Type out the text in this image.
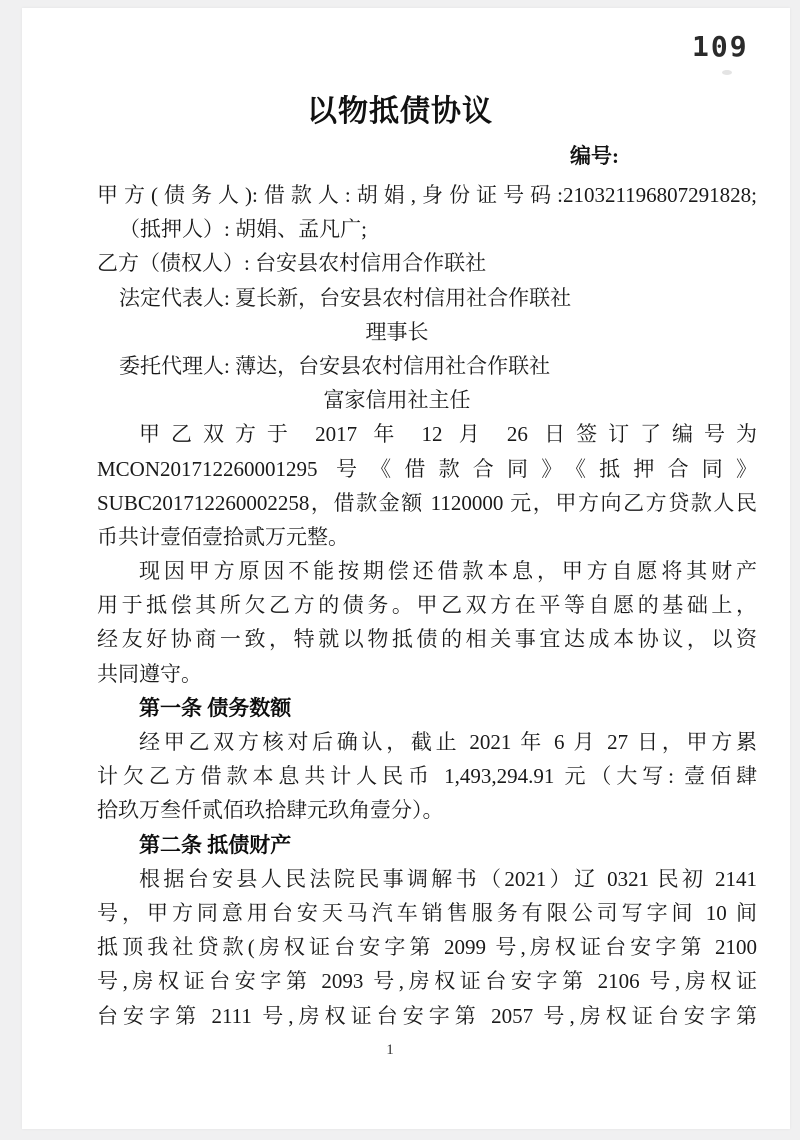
109
以物抵债协议
编号:

甲方(债务人):借款人:胡娟,身份证号码:210321196807291828;

（抵押人）: 胡娟、孟凡广;

乙方（债权人）: 台安县农村信用合作联社

法定代表人: 夏长新，台安县农村信用社合作联社

理事长

委托代理人: 薄达，台安县农村信用社合作联社

富家信用社主任

甲乙双方于 2017 年 12 月 26 日签订了编号为

MCON201712260001295 号《借款合同》《抵押合同》

SUBC201712260002258，借款金额 1120000 元，甲方向乙方贷款人民

币共计壹佰壹拾贰万元整。

现因甲方原因不能按期偿还借款本息，甲方自愿将其财产

用于抵偿其所欠乙方的债务。甲乙双方在平等自愿的基础上，

经友好协商一致，特就以物抵债的相关事宜达成本协议，以资

共同遵守。

第一条 债务数额

经甲乙双方核对后确认，截止 2021 年 6 月 27 日，甲方累

计欠乙方借款本息共计人民币 1,493,294.91 元（大写: 壹佰肆

拾玖万叁仟贰佰玖拾肆元玖角壹分）。

第二条 抵债财产

根据台安县人民法院民事调解书（2021）辽 0321 民初 2141

号，甲方同意用台安天马汽车销售服务有限公司写字间 10 间

抵顶我社贷款(房权证台安字第 2099 号,房权证台安字第 2100

号,房权证台安字第 2093 号,房权证台安字第 2106 号,房权证

台安字第 2111 号,房权证台安字第 2057 号,房权证台安字第

1
